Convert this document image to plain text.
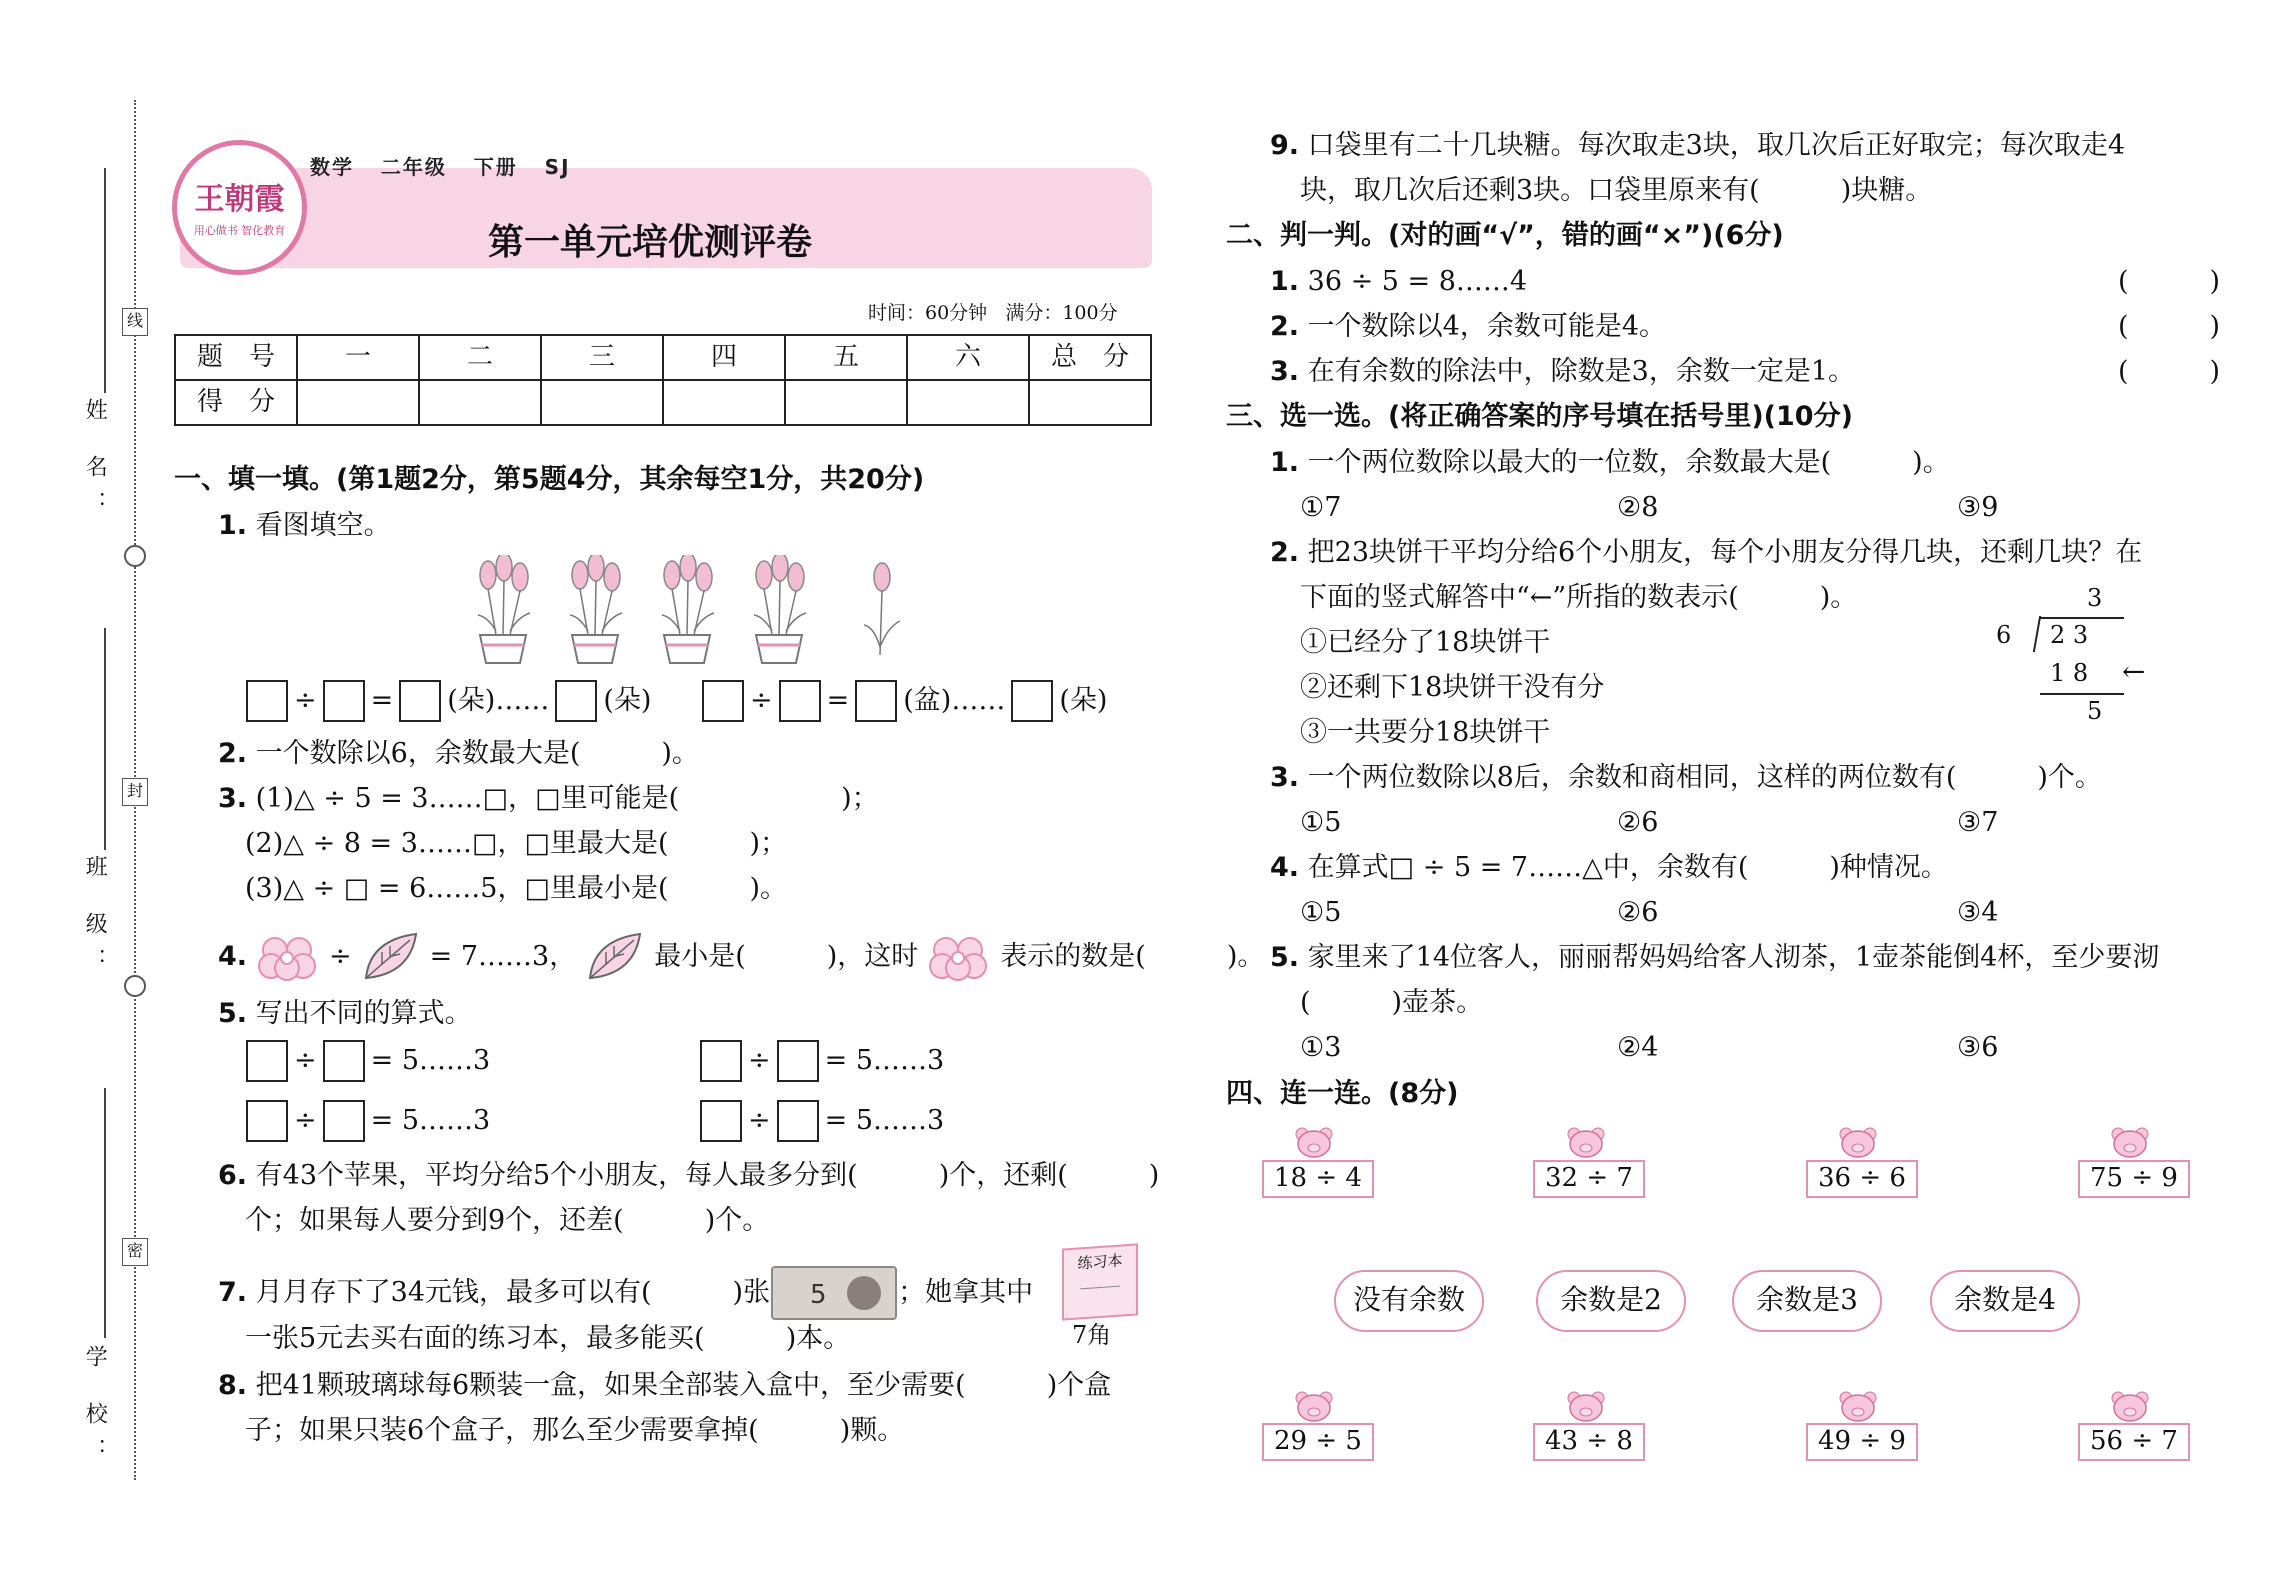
线
封
密
姓 名：
班 级：
学 校：
王朝霞
用心做书 智化教育
数学 二年级 下册 SJ
第一单元培优测评卷
时间：60分钟 满分：100分
题　号	一	二	三	四	五	六	总　分
得　分							
一、填一填。(第1题2分，第5题4分，其余每空1分，共20分)
1. 看图填空。
÷ = (朵)…… (朵)	÷ = (盆)…… (朵)
2. 一个数除以6，余数最大是(　　　)。
3. (1)△ ÷ 5 = 3……□，□里可能是(　　　　　　)；
(2)△ ÷ 8 = 3……□，□里最大是(　　　)；
(3)△ ÷ □ = 6……5，□里最小是(　　　)。
4.	÷	= 7……3，	最小是(　　　)，这时	表示的数是(　　　)。
5. 写出不同的算式。
÷ = 5……3	÷ = 5……3
÷ = 5……3	÷ = 5……3
6. 有43个苹果，平均分给5个小朋友，每人最多分到(　　　)个，还剩(　　　)
个；如果每人要分到9个，还差(　　　)个。
7.
月月存下了34元钱，最多可以有(　　　)张 5	；她拿其中
一张5元去买右面的练习本，最多能买(　　　)本。
练习本
7角
8. 把41颗玻璃球每6颗装一盒，如果全部装入盒中，至少需要(　　　)个盒
子；如果只装6个盒子，那么至少需要拿掉(　　　)颗。
9. 口袋里有二十几块糖。每次取走3块，取几次后正好取完；每次取走4
块，取几次后还剩3块。口袋里原来有(　　　)块糖。
二、判一判。(对的画“√”，错的画“×”)(6分)
1. 36 ÷ 5 = 8……4	(　　　)
2. 一个数除以4，余数可能是4。	(　　　)
3. 在有余数的除法中，除数是3，余数一定是1。	(　　　)
三、选一选。(将正确答案的序号填在括号里)(10分)
1. 一个两位数除以最大的一位数，余数最大是(　　　)。
①7	②8	③9
2. 把23块饼干平均分给6个小朋友，每个小朋友分得几块，还剩几块？在
下面的竖式解答中“←”所指的数表示(　　　)。
①已经分了18块饼干
②还剩下18块饼干没有分
③一共要分18块饼干
3
6 2 3
1 8 ←
5
3. 一个两位数除以8后，余数和商相同，这样的两位数有(　　　)个。
①5	②6	③7
4. 在算式□ ÷ 5 = 7……△中，余数有(　　　)种情况。
①5	②6	③4
5. 家里来了14位客人，丽丽帮妈妈给客人沏茶，1壶茶能倒4杯，至少要沏
(　　　)壶茶。
①3	②4	③6
四、连一连。(8分)
18 ÷ 4	32 ÷ 7	36 ÷ 6	75 ÷ 9
没有余数	余数是2	余数是3	余数是4
29 ÷ 5	43 ÷ 8	49 ÷ 9	56 ÷ 7
